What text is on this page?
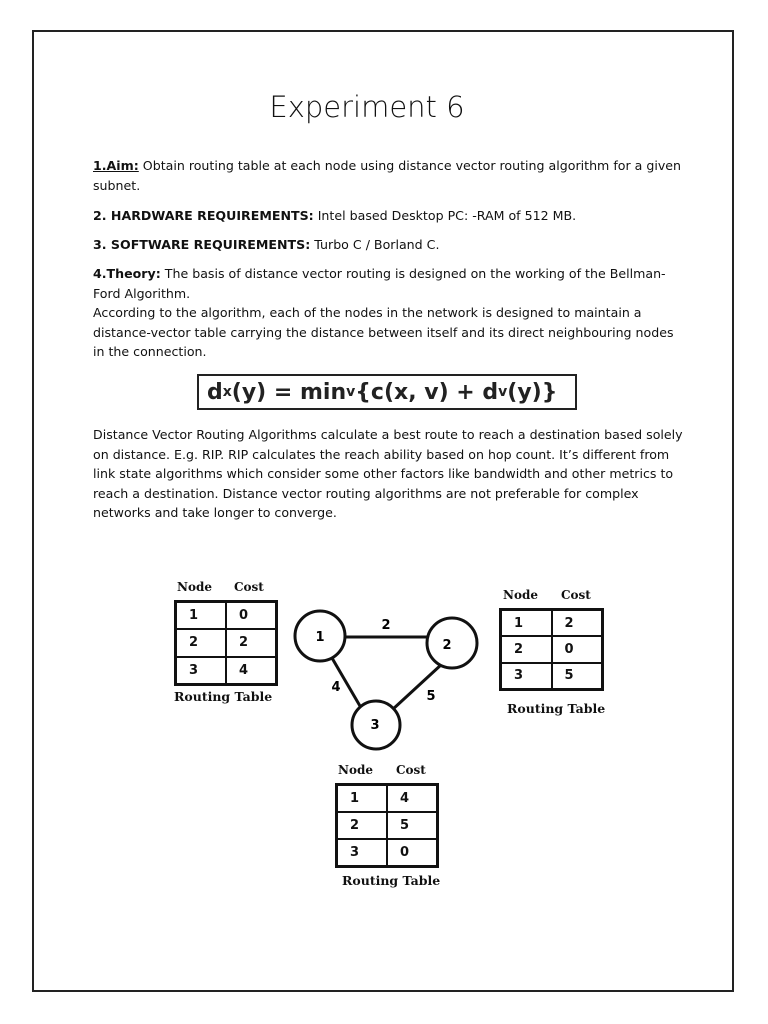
Experiment 6
1.Aim: Obtain routing table at each node using distance vector routing algorithm for a given subnet.
2. HARDWARE REQUIREMENTS: Intel based Desktop PC: -RAM of 512 MB.
3. SOFTWARE REQUIREMENTS: Turbo C / Borland C.
4.Theory: The basis of distance vector routing is designed on the working of the Bellman-Ford Algorithm.
According to the algorithm, each of the nodes in the network is designed to maintain a distance-vector table carrying the distance between itself and its direct neighbouring nodes in the connection.
d x (y) = min v {c(x, v) + d v (y)}
Distance Vector Routing Algorithms calculate a best route to reach a destination based solely on distance. E.g. RIP. RIP calculates the reach ability based on hop count. It’s different from link state algorithms which consider some other factors like bandwidth and other metrics to reach a destination. Distance vector routing algorithms are not preferable for complex networks and take longer to converge.
1
2
3
2
4
5
Node Cost
1	0
2	2
3	4
Routing Table
Node Cost
1	2
2	0
3	5
Routing Table
Node Cost
1	4
2	5
3	0
Routing Table
